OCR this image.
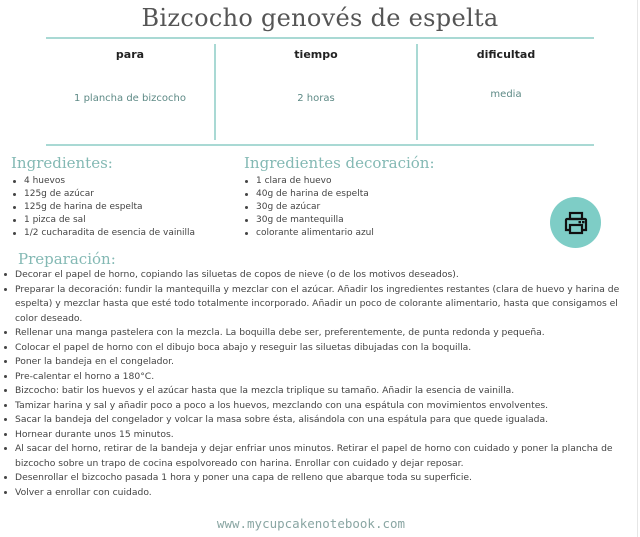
Bizcocho genovés de espelta
para
1 plancha de bizcocho
tiempo
2 horas
dificultad
media
Ingredientes:
4 huevos
125g de azúcar
125g de harina de espelta
1 pizca de sal
1/2 cucharadita de esencia de vainilla
Ingredientes decoración:
1 clara de huevo
40g de harina de espelta
30g de azúcar
30g de mantequilla
colorante alimentario azul
Preparación:
Decorar el papel de horno, copiando las siluetas de copos de nieve (o de los motivos deseados).
Preparar la decoración: fundir la mantequilla y mezclar con el azúcar. Añadir los ingredientes restantes (clara de huevo y harina de espelta) y mezclar hasta que esté todo totalmente incorporado. Añadir un poco de colorante alimentario, hasta que consigamos el color deseado.
Rellenar una manga pastelera con la mezcla. La boquilla debe ser, preferentemente, de punta redonda y pequeña.
Colocar el papel de horno con el dibujo boca abajo y reseguir las siluetas dibujadas con la boquilla.
Poner la bandeja en el congelador.
Pre-calentar el horno a 180°C.
Bizcocho: batir los huevos y el azúcar hasta que la mezcla triplique su tamaño. Añadir la esencia de vainilla.
Tamizar harina y sal y añadir poco a poco a los huevos, mezclando con una espátula con movimientos envolventes.
Sacar la bandeja del congelador y volcar la masa sobre ésta, alisándola con una espátula para que quede igualada.
Hornear durante unos 15 minutos.
Al sacar del horno, retirar de la bandeja y dejar enfriar unos minutos. Retirar el papel de horno con cuidado y poner la plancha de bizcocho sobre un trapo de cocina espolvoreado con harina. Enrollar con cuidado y dejar reposar.
Desenrollar el bizcocho pasada 1 hora y poner una capa de relleno que abarque toda su superficie.
Volver a enrollar con cuidado.
www.mycupcakenotebook.com
